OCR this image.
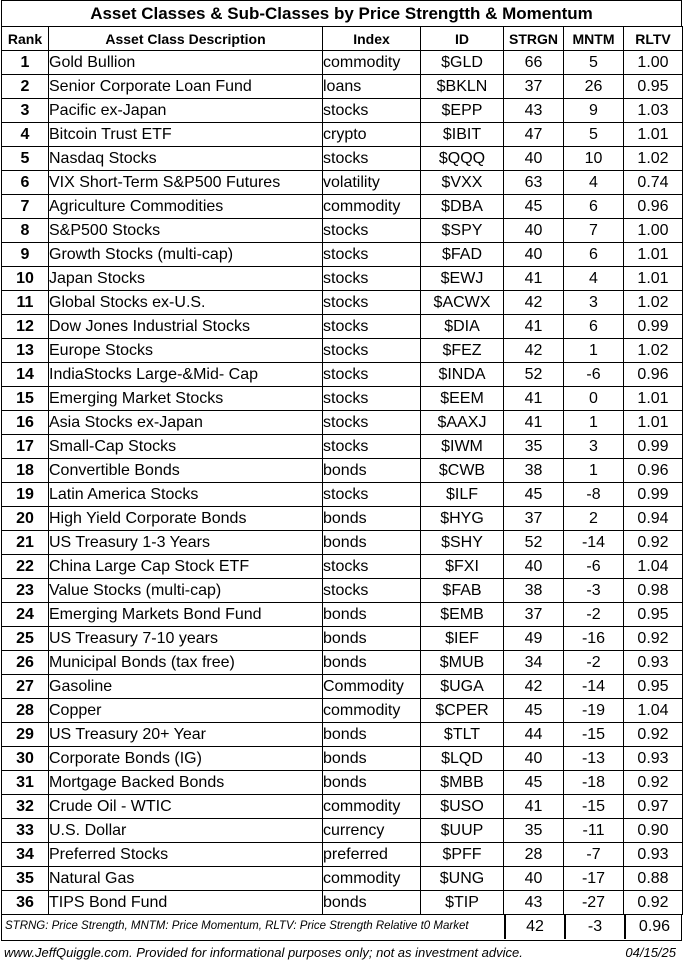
Asset Classes & Sub-Classes by Price Strengtth & Momentum
Rank	Asset Class Description	Index	ID	STRGN	MNTM	RLTV
1	Gold Bullion	commodity	$GLD	66	5	1.00
2	Senior Corporate Loan Fund	loans	$BKLN	37	26	0.95
3	Pacific ex-Japan	stocks	$EPP	43	9	1.03
4	Bitcoin Trust ETF	crypto	$IBIT	47	5	1.01
5	Nasdaq Stocks	stocks	$QQQ	40	10	1.02
6	VIX Short-Term S&P500 Futures	volatility	$VXX	63	4	0.74
7	Agriculture Commodities	commodity	$DBA	45	6	0.96
8	S&P500 Stocks	stocks	$SPY	40	7	1.00
9	Growth Stocks (multi-cap)	stocks	$FAD	40	6	1.01
10	Japan Stocks	stocks	$EWJ	41	4	1.01
11	Global Stocks ex-U.S.	stocks	$ACWX	42	3	1.02
12	Dow Jones Industrial Stocks	stocks	$DIA	41	6	0.99
13	Europe Stocks	stocks	$FEZ	42	1	1.02
14	IndiaStocks Large-&Mid- Cap	stocks	$INDA	52	-6	0.96
15	Emerging Market Stocks	stocks	$EEM	41	0	1.01
16	Asia Stocks ex-Japan	stocks	$AAXJ	41	1	1.01
17	Small-Cap Stocks	stocks	$IWM	35	3	0.99
18	Convertible Bonds	bonds	$CWB	38	1	0.96
19	Latin America Stocks	stocks	$ILF	45	-8	0.99
20	High Yield Corporate Bonds	bonds	$HYG	37	2	0.94
21	US Treasury 1-3 Years	bonds	$SHY	52	-14	0.92
22	China Large Cap Stock ETF	stocks	$FXI	40	-6	1.04
23	Value Stocks (multi-cap)	stocks	$FAB	38	-3	0.98
24	Emerging Markets Bond Fund	bonds	$EMB	37	-2	0.95
25	US Treasury 7-10 years	bonds	$IEF	49	-16	0.92
26	Municipal Bonds (tax free)	bonds	$MUB	34	-2	0.93
27	Gasoline	Commodity	$UGA	42	-14	0.95
28	Copper	commodity	$CPER	45	-19	1.04
29	US Treasury 20+ Year	bonds	$TLT	44	-15	0.92
30	Corporate Bonds (IG)	bonds	$LQD	40	-13	0.93
31	Mortgage Backed Bonds	bonds	$MBB	45	-18	0.92
32	Crude Oil - WTIC	commodity	$USO	41	-15	0.97
33	U.S. Dollar	currency	$UUP	35	-11	0.90
34	Preferred Stocks	preferred	$PFF	28	-7	0.93
35	Natural Gas	commodity	$UNG	40	-17	0.88
36	TIPS Bond Fund	bonds	$TIP	43	-27	0.92
STRNG: Price Strength, MNTM: Price Momentum, RLTV: Price Strength Relative t0 Market	42	-3	0.96
www.JeffQuiggle.com. Provided for informational purposes only; not as investment advice.	04/15/25
